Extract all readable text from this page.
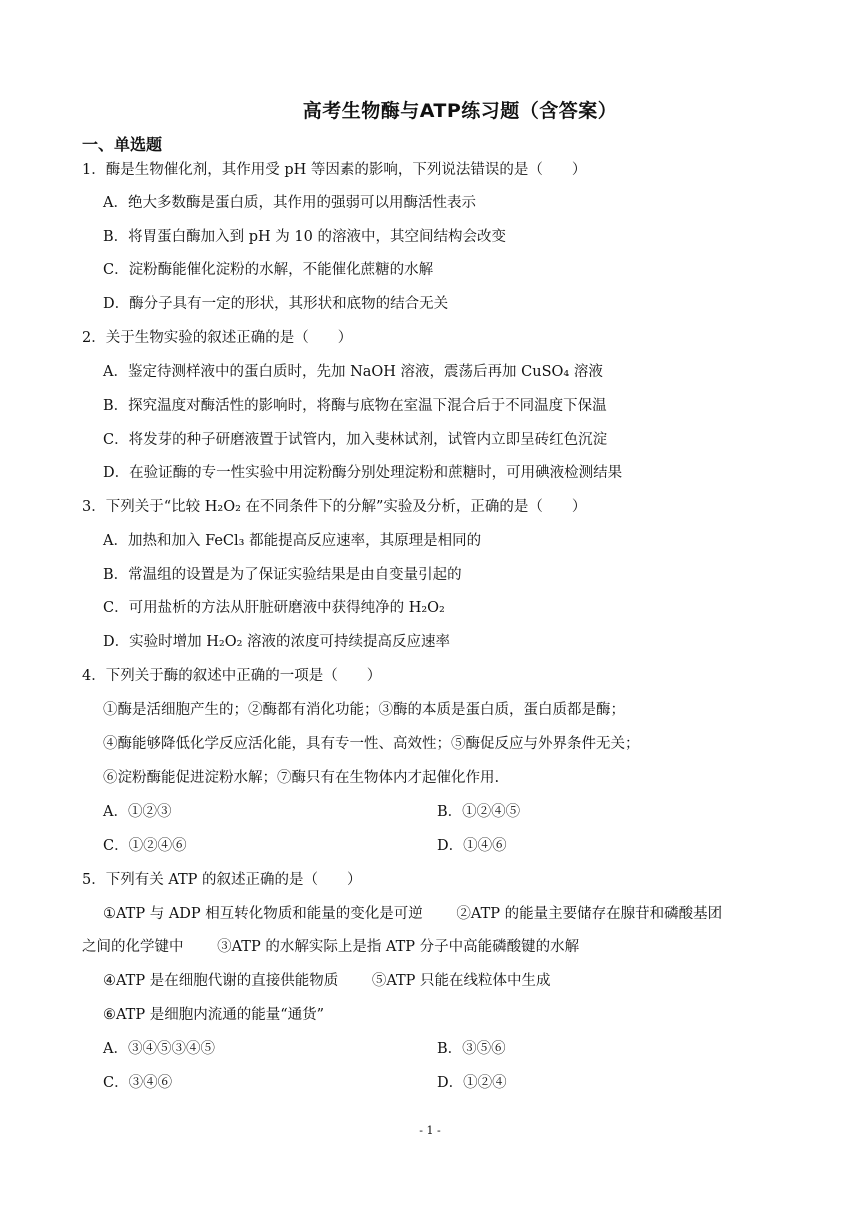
高考生物酶与ATP练习题（含答案）
一、单选题
1．酶是生物催化剂，其作用受 pH 等因素的影响，下列说法错误的是（　　）
A．绝大多数酶是蛋白质，其作用的强弱可以用酶活性表示
B．将胃蛋白酶加入到 pH 为 10 的溶液中，其空间结构会改变
C．淀粉酶能催化淀粉的水解，不能催化蔗糖的水解
D．酶分子具有一定的形状，其形状和底物的结合无关
2．关于生物实验的叙述正确的是（　　）
A．鉴定待测样液中的蛋白质时，先加 NaOH 溶液，震荡后再加 CuSO₄ 溶液
B．探究温度对酶活性的影响时，将酶与底物在室温下混合后于不同温度下保温
C．将发芽的种子研磨液置于试管内，加入斐林试剂，试管内立即呈砖红色沉淀
D．在验证酶的专一性实验中用淀粉酶分别处理淀粉和蔗糖时，可用碘液检测结果
3．下列关于“比较 H₂O₂ 在不同条件下的分解”实验及分析，正确的是（　　）
A．加热和加入 FeCl₃ 都能提高反应速率，其原理是相同的
B．常温组的设置是为了保证实验结果是由自变量引起的
C．可用盐析的方法从肝脏研磨液中获得纯净的 H₂O₂
D．实验时增加 H₂O₂ 溶液的浓度可持续提高反应速率
4．下列关于酶的叙述中正确的一项是（　　）
①酶是活细胞产生的；②酶都有消化功能；③酶的本质是蛋白质，蛋白质都是酶；
④酶能够降低化学反应活化能，具有专一性、高效性；⑤酶促反应与外界条件无关；
⑥淀粉酶能促进淀粉水解；⑦酶只有在生物体内才起催化作用.
A．①②③	B．①②④⑤
C．①②④⑥	D．①④⑥
5．下列有关 ATP 的叙述正确的是（　　）
①ATP 与 ADP 相互转化物质和能量的变化是可逆　　 ②ATP 的能量主要储存在腺苷和磷酸基团
之间的化学键中　　 ③ATP 的水解实际上是指 ATP 分子中高能磷酸键的水解
④ATP 是在细胞代谢的直接供能物质　　 ⑤ATP 只能在线粒体中生成
⑥ATP 是细胞内流通的能量“通货”
A．③④⑤③④⑤	B．③⑤⑥
C．③④⑥	D．①②④
- 1 -
